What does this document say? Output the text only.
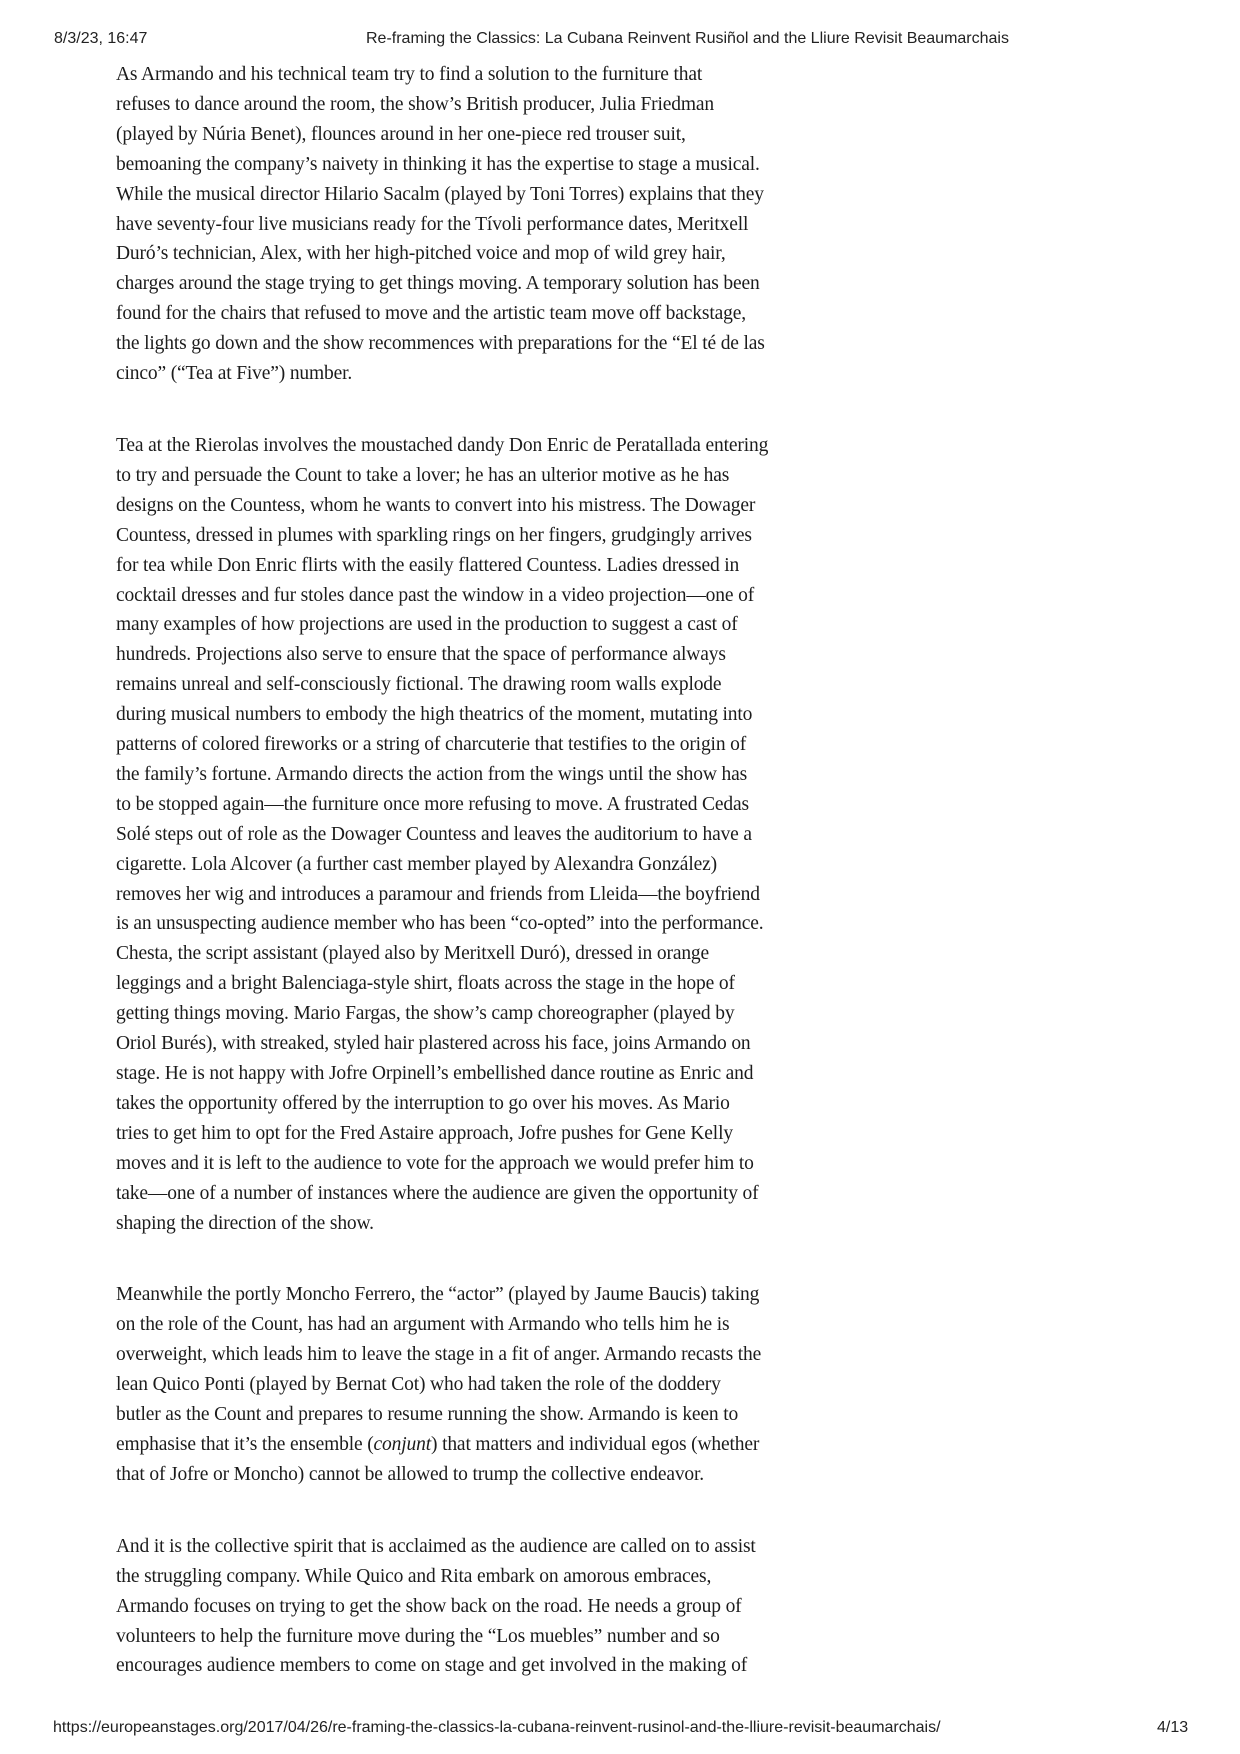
8/3/23, 16:47	Re-framing the Classics: La Cubana Reinvent Rusiñol and the Lliure Revisit Beaumarchais

As Armando and his technical team try to find a solution to the furniture that
refuses to dance around the room, the show’s British producer, Julia Friedman
(played by Núria Benet), flounces around in her one-piece red trouser suit,
bemoaning the company’s naivety in thinking it has the expertise to stage a musical.
While the musical director Hilario Sacalm (played by Toni Torres) explains that they
have seventy-four live musicians ready for the Tívoli performance dates, Meritxell
Duró’s technician, Alex, with her high-pitched voice and mop of wild grey hair,
charges around the stage trying to get things moving. A temporary solution has been
found for the chairs that refused to move and the artistic team move off backstage,
the lights go down and the show recommences with preparations for the “El té de las
cinco” (“Tea at Five”) number.

Tea at the Rierolas involves the moustached dandy Don Enric de Peratallada entering
to try and persuade the Count to take a lover; he has an ulterior motive as he has
designs on the Countess, whom he wants to convert into his mistress. The Dowager
Countess, dressed in plumes with sparkling rings on her fingers, grudgingly arrives
for tea while Don Enric flirts with the easily flattered Countess. Ladies dressed in
cocktail dresses and fur stoles dance past the window in a video projection—one of
many examples of how projections are used in the production to suggest a cast of
hundreds. Projections also serve to ensure that the space of performance always
remains unreal and self-consciously fictional. The drawing room walls explode
during musical numbers to embody the high theatrics of the moment, mutating into
patterns of colored fireworks or a string of charcuterie that testifies to the origin of
the family’s fortune. Armando directs the action from the wings until the show has
to be stopped again—the furniture once more refusing to move. A frustrated Cedas
Solé steps out of role as the Dowager Countess and leaves the auditorium to have a
cigarette. Lola Alcover (a further cast member played by Alexandra González)
removes her wig and introduces a paramour and friends from Lleida—the boyfriend
is an unsuspecting audience member who has been “co-opted” into the performance.
Chesta, the script assistant (played also by Meritxell Duró), dressed in orange
leggings and a bright Balenciaga-style shirt, floats across the stage in the hope of
getting things moving. Mario Fargas, the show’s camp choreographer (played by
Oriol Burés), with streaked, styled hair plastered across his face, joins Armando on
stage. He is not happy with Jofre Orpinell’s embellished dance routine as Enric and
takes the opportunity offered by the interruption to go over his moves. As Mario
tries to get him to opt for the Fred Astaire approach, Jofre pushes for Gene Kelly
moves and it is left to the audience to vote for the approach we would prefer him to
take—one of a number of instances where the audience are given the opportunity of
shaping the direction of the show.

Meanwhile the portly Moncho Ferrero, the “actor” (played by Jaume Baucis) taking
on the role of the Count, has had an argument with Armando who tells him he is
overweight, which leads him to leave the stage in a fit of anger. Armando recasts the
lean Quico Ponti (played by Bernat Cot) who had taken the role of the doddery
butler as the Count and prepares to resume running the show. Armando is keen to
emphasise that it’s the ensemble (conjunt) that matters and individual egos (whether
that of Jofre or Moncho) cannot be allowed to trump the collective endeavor.

And it is the collective spirit that is acclaimed as the audience are called on to assist
the struggling company. While Quico and Rita embark on amorous embraces,
Armando focuses on trying to get the show back on the road. He needs a group of
volunteers to help the furniture move during the “Los muebles” number and so
encourages audience members to come on stage and get involved in the making of

https://europeanstages.org/2017/04/26/re-framing-the-classics-la-cubana-reinvent-rusinol-and-the-lliure-revisit-beaumarchais/	4/13
